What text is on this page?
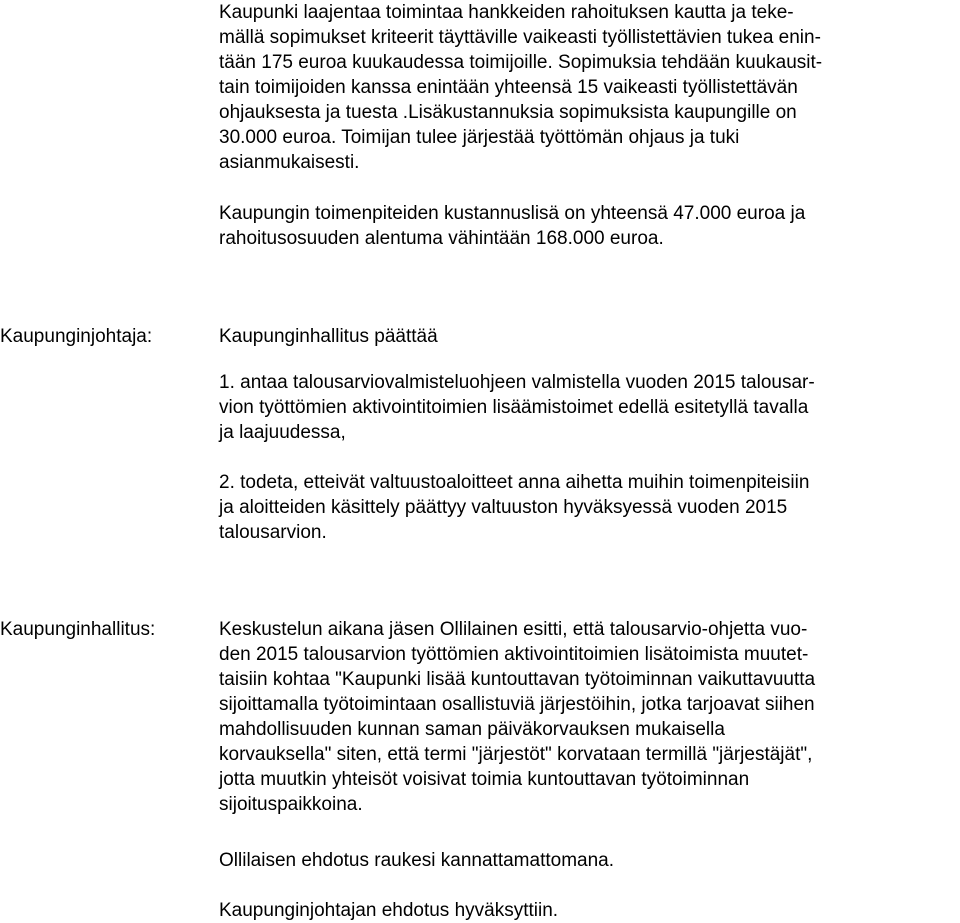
Kaupunki laajentaa toimintaa hankkeiden rahoituksen kautta ja teke-
mällä sopimukset kriteerit täyttäville vaikeasti työllistettävien tukea enin-
tään 175 euroa kuukaudessa toimijoille. Sopimuksia tehdään kuukausit-
tain toimijoiden kanssa enintään yhteensä 15 vaikeasti työllistettävän
ohjauksesta ja tuesta .Lisäkustannuksia sopimuksista kaupungille on
30.000 euroa. Toimijan tulee järjestää työttömän ohjaus ja tuki
asianmukaisesti.
Kaupungin toimenpiteiden kustannuslisä on yhteensä 47.000 euroa ja
rahoitusosuuden alentuma vähintään 168.000 euroa.
Kaupunginjohtaja:	Kaupunginhallitus päättää
1. antaa talousarviovalmisteluohjeen valmistella vuoden 2015 talousar-
vion työttömien aktivointitoimien lisäämistoimet edellä esitetyllä tavalla
ja laajuudessa,
2. todeta, etteivät valtuustoaloitteet anna aihetta muihin toimenpiteisiin
ja aloitteiden käsittely päättyy valtuuston hyväksyessä vuoden 2015
talousarvion.
Kaupunginhallitus:	Keskustelun aikana jäsen Ollilainen esitti, että talousarvio-ohjetta vuo-
den 2015 talousarvion työttömien aktivointitoimien lisätoimista muutet-
taisiin kohtaa "Kaupunki lisää kuntouttavan työtoiminnan vaikuttavuutta
sijoittamalla työtoimintaan osallistuviä järjestöihin, jotka tarjoavat siihen
mahdollisuuden kunnan saman päiväkorvauksen mukaisella
korvauksella" siten, että termi "järjestöt" korvataan termillä "järjestäjät",
jotta muutkin yhteisöt voisivat toimia kuntouttavan työtoiminnan
sijoituspaikkoina.
Ollilaisen ehdotus raukesi kannattamattomana.
Kaupunginjohtajan ehdotus hyväksyttiin.
